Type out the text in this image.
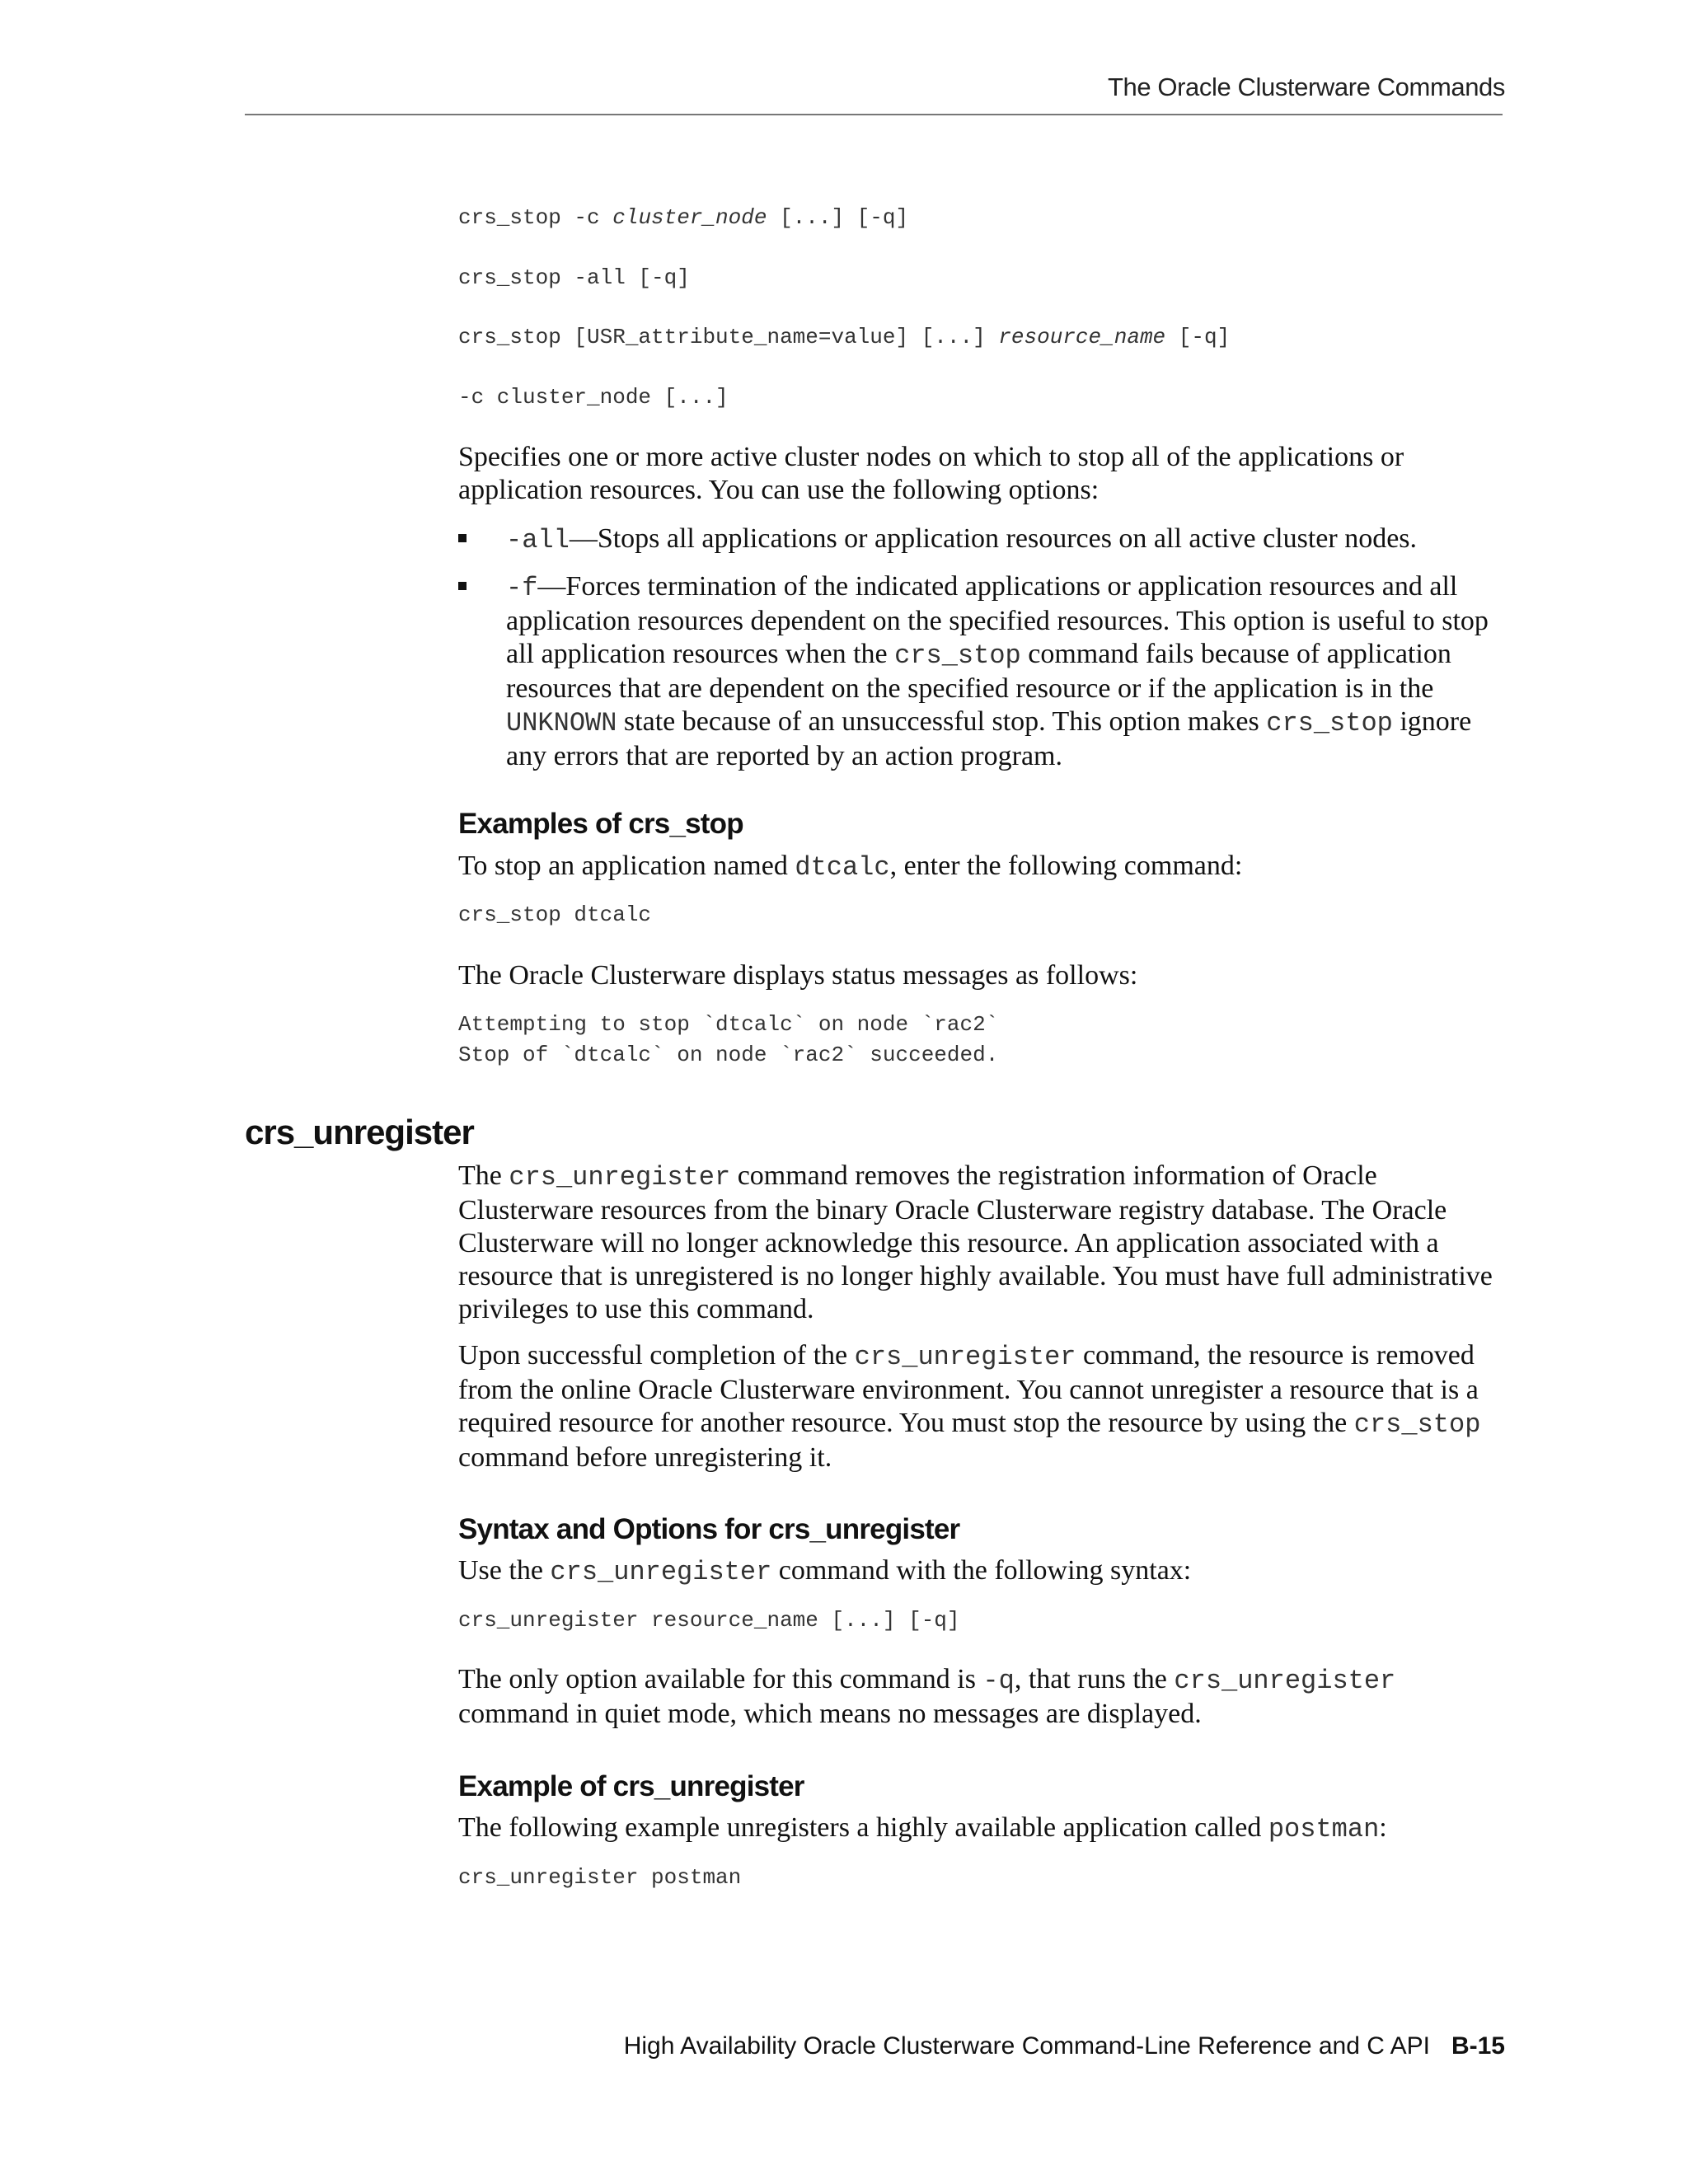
The Oracle Clusterware Commands
crs_stop -c cluster_node [...] [-q]
crs_stop -all [-q]
crs_stop [USR_attribute_name=value] [...] resource_name [-q]
-c cluster_node [...]
Specifies one or more active cluster nodes on which to stop all of the applications or application resources. You can use the following options:
-all—Stops all applications or application resources on all active cluster nodes.
-f—Forces termination of the indicated applications or application resources and all application resources dependent on the specified resources. This option is useful to stop all application resources when the crs_stop command fails because of application resources that are dependent on the specified resource or if the application is in the UNKNOWN state because of an unsuccessful stop. This option makes crs_stop ignore any errors that are reported by an action program.
Examples of crs_stop
To stop an application named dtcalc, enter the following command:
crs_stop dtcalc
The Oracle Clusterware displays status messages as follows:
Attempting to stop `dtcalc` on node `rac2`
Stop of `dtcalc` on node `rac2` succeeded.
crs_unregister
The crs_unregister command removes the registration information of Oracle Clusterware resources from the binary Oracle Clusterware registry database. The Oracle Clusterware will no longer acknowledge this resource. An application associated with a resource that is unregistered is no longer highly available. You must have full administrative privileges to use this command.
Upon successful completion of the crs_unregister command, the resource is removed from the online Oracle Clusterware environment. You cannot unregister a resource that is a required resource for another resource. You must stop the resource by using the crs_stop command before unregistering it.
Syntax and Options for crs_unregister
Use the crs_unregister command with the following syntax:
crs_unregister resource_name [...] [-q]
The only option available for this command is -q, that runs the crs_unregister command in quiet mode, which means no messages are displayed.
Example of crs_unregister
The following example unregisters a highly available application called postman:
crs_unregister postman
High Availability Oracle Clusterware Command-Line Reference and C API B-15
